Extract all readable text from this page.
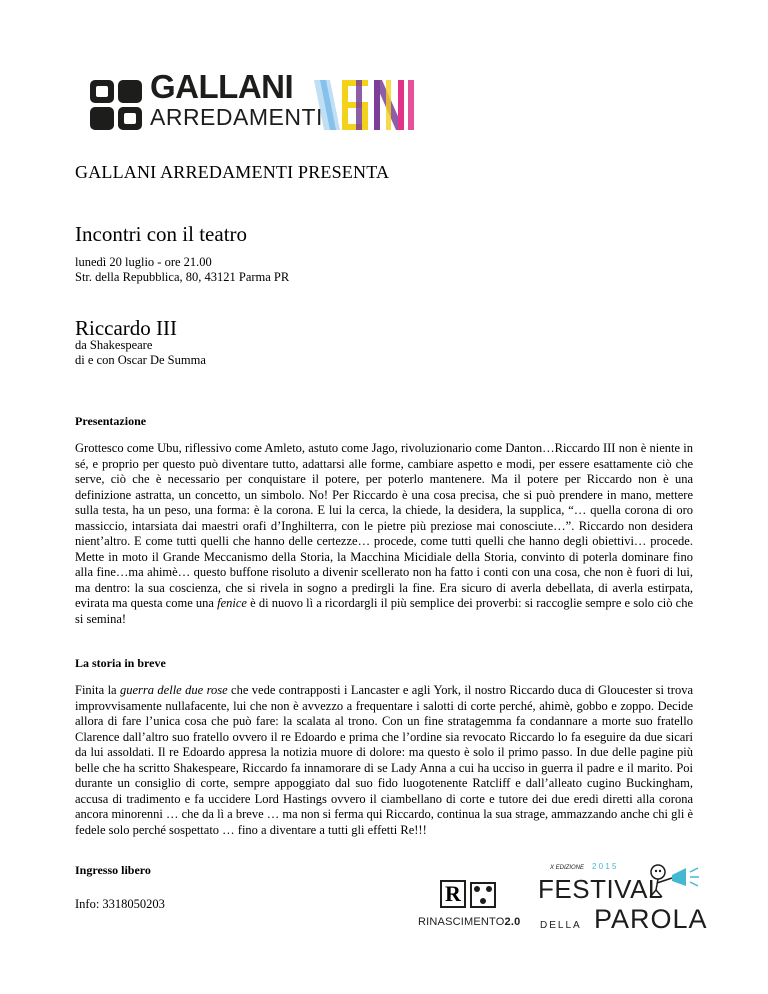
GALLANI
ARREDAMENTI
GALLANI ARREDAMENTI PRESENTA
Incontri con il teatro
lunedì 20 luglio - ore 21.00
Str. della Repubblica, 80, 43121 Parma PR
Riccardo III
da Shakespeare
di e con Oscar De Summa
Presentazione
Grottesco come Ubu, riflessivo come Amleto, astuto come Jago, rivoluzionario come Danton…Riccardo III non è niente in sé, e proprio per questo può diventare tutto, adattarsi alle forme, cambiare aspetto e modi, per essere esattamente ciò che serve, ciò che è necessario per conquistare il potere, per poterlo mantenere. Ma il potere per Riccardo non è una definizione astratta, un concetto, un simbolo. No! Per Riccardo è una cosa precisa, che si può prendere in mano, mettere sulla testa, ha un peso, una forma: è la corona. E lui la cerca, la chiede, la desidera, la supplica, “… quella corona di oro massiccio, intarsiata dai maestri orafi d’Inghilterra, con le pietre più preziose mai conosciute…”. Riccardo non desidera nient’altro. E come tutti quelli che hanno delle certezze… procede, come tutti quelli che hanno degli obiettivi… procede. Mette in moto il Grande Meccanismo della Storia, la Macchina Micidiale della Storia, convinto di poterla dominare fino alla fine…ma ahimè… questo buffone risoluto a divenir scellerato non ha fatto i conti con una cosa, che non è fuori di lui, ma dentro: la sua coscienza, che si rivela in sogno a predirgli la fine. Era sicuro di averla debellata, di averla estirpata, evirata ma questa come una fenice è di nuovo lì a ricordargli il più semplice dei proverbi: si raccoglie sempre e solo ciò che si semina!
La storia in breve
Finita la guerra delle due rose che vede contrapposti i Lancaster e agli York, il nostro Riccardo duca di Gloucester si trova improvvisamente nullafacente, lui che non è avvezzo a frequentare i salotti di corte perché, ahimè, gobbo e zoppo. Decide allora di fare l’unica cosa che può fare: la scalata al trono. Con un fine stratagemma fa condannare a morte suo fratello Clarence dall’altro suo fratello ovvero il re Edoardo e prima che l’ordine sia revocato Riccardo lo fa eseguire da due sicari da lui assoldati. Il re Edoardo appresa la notizia muore di dolore: ma questo è solo il primo passo. In due delle pagine più belle che ha scritto Shakespeare, Riccardo fa innamorare di se Lady Anna a cui ha ucciso in guerra il padre e il marito. Poi durante un consiglio di corte, sempre appoggiato dal suo fido luogotenente Ratcliff e dall’alleato cugino Buckingham, accusa di tradimento e fa uccidere Lord Hastings ovvero il ciambellano di corte e tutore dei due eredi diretti alla corona ancora minorenni … che da lì a breve … ma non si ferma qui Riccardo, continua la sua strage, ammazzando anche chi gli è fedele solo perché sospettato … fino a diventare a tutti gli effetti Re!!!
Ingresso libero
Info: 3318050203	R
RINASCIMENTO2.0
X EDIZIONE 2 0 1 5
FESTIVAL
DELLA PAROLA
